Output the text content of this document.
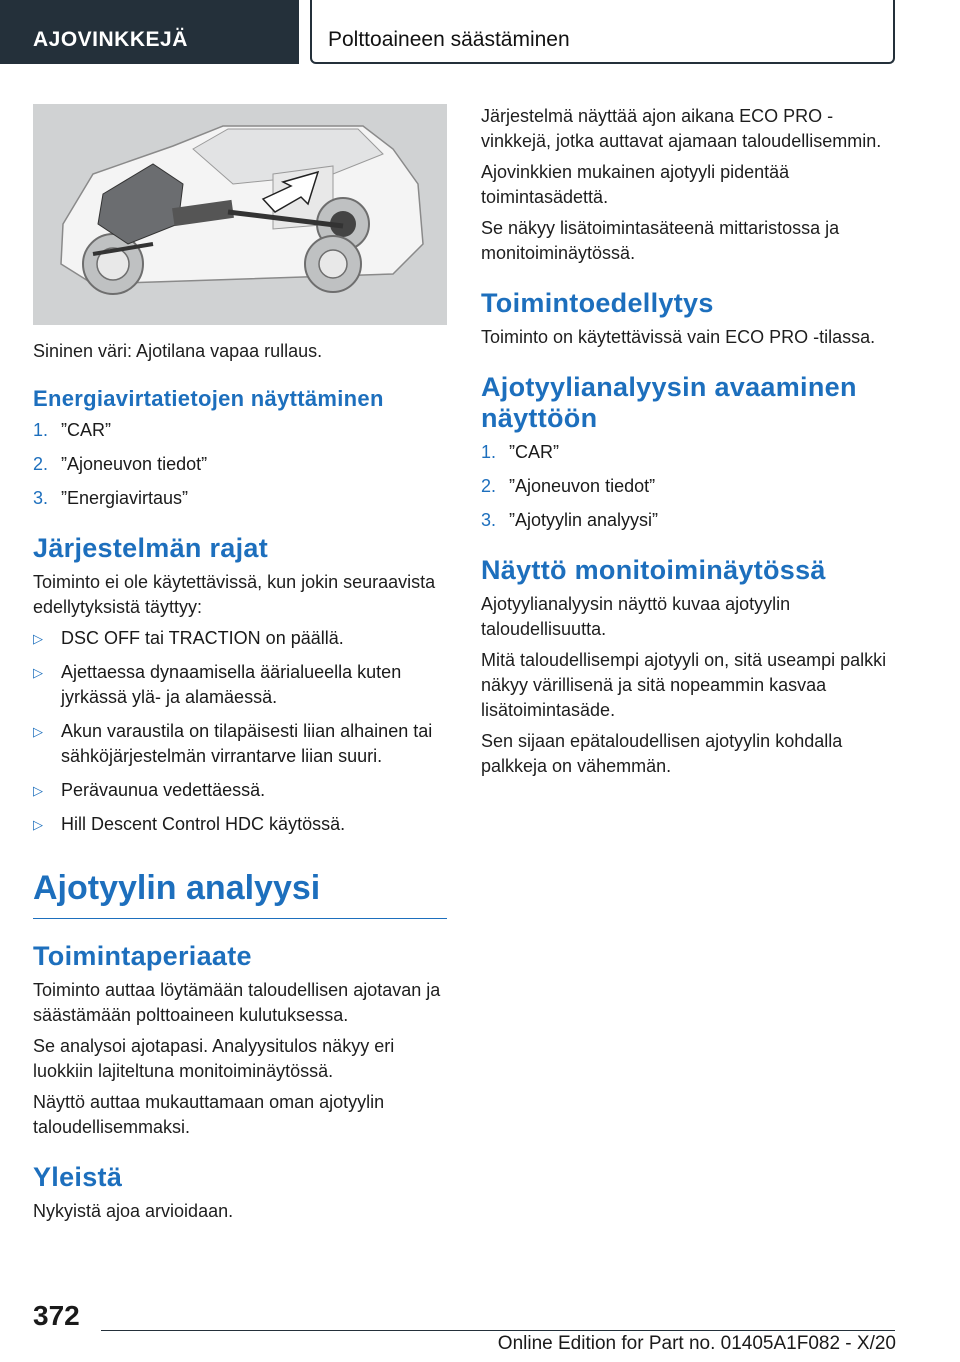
AJOVINKKEJÄ	Polttoaineen säästäminen

Sininen väri: Ajotilana vapaa rullaus.

Energiavirtatietojen näyttäminen
1. ”CAR”
2. ”Ajoneuvon tiedot”
3. ”Energiavirtaus”
Järjestelmän rajat

Toiminto ei ole käytettävissä, kun jokin seuraavista edellytyksistä täyttyy:

▷	DSC OFF tai TRACTION on päällä.
▷	Ajettaessa dynaamisella äärialueella kuten jyrkässä ylä- ja alamäessä.
▷	Akun varaustila on tilapäisesti liian alhainen tai sähköjärjestelmän virrantarve liian suuri.
▷	Perävaunua vedettäessä.
▷	Hill Descent Control HDC käytössä.
Ajotyylin analyysi
Toimintaperiaate

Toiminto auttaa löytämään taloudellisen ajotavan ja säästämään polttoaineen kulutuksessa.

Se analysoi ajotapasi. Analyysitulos näkyy eri luokkiin lajiteltuna monitoiminäytössä.

Näyttö auttaa mukauttamaan oman ajotyylin taloudellisemmaksi.

Yleistä

Nykyistä ajoa arvioidaan.

Järjestelmä näyttää ajon aikana ECO PRO -vinkkejä, jotka auttavat ajamaan taloudellisemmin.

Ajovinkkien mukainen ajotyyli pidentää toimintasädettä.

Se näkyy lisätoimintasäteenä mittaristossa ja monitoiminäytössä.

Toimintoedellytys

Toiminto on käytettävissä vain ECO PRO -tilassa.

Ajotyylianalyysin avaaminen näyttöön
1. ”CAR”
2. ”Ajoneuvon tiedot”
3. ”Ajotyylin analyysi”
Näyttö monitoiminäytössä

Ajotyylianalyysin näyttö kuvaa ajotyylin taloudellisuutta.

Mitä taloudellisempi ajotyyli on, sitä useampi palkki näkyy värillisenä ja sitä nopeammin kasvaa lisätoimintasäde.

Sen sijaan epätaloudellisen ajotyylin kohdalla palkkeja on vähemmän.

372
Online Edition for Part no. 01405A1F082 - X/20
